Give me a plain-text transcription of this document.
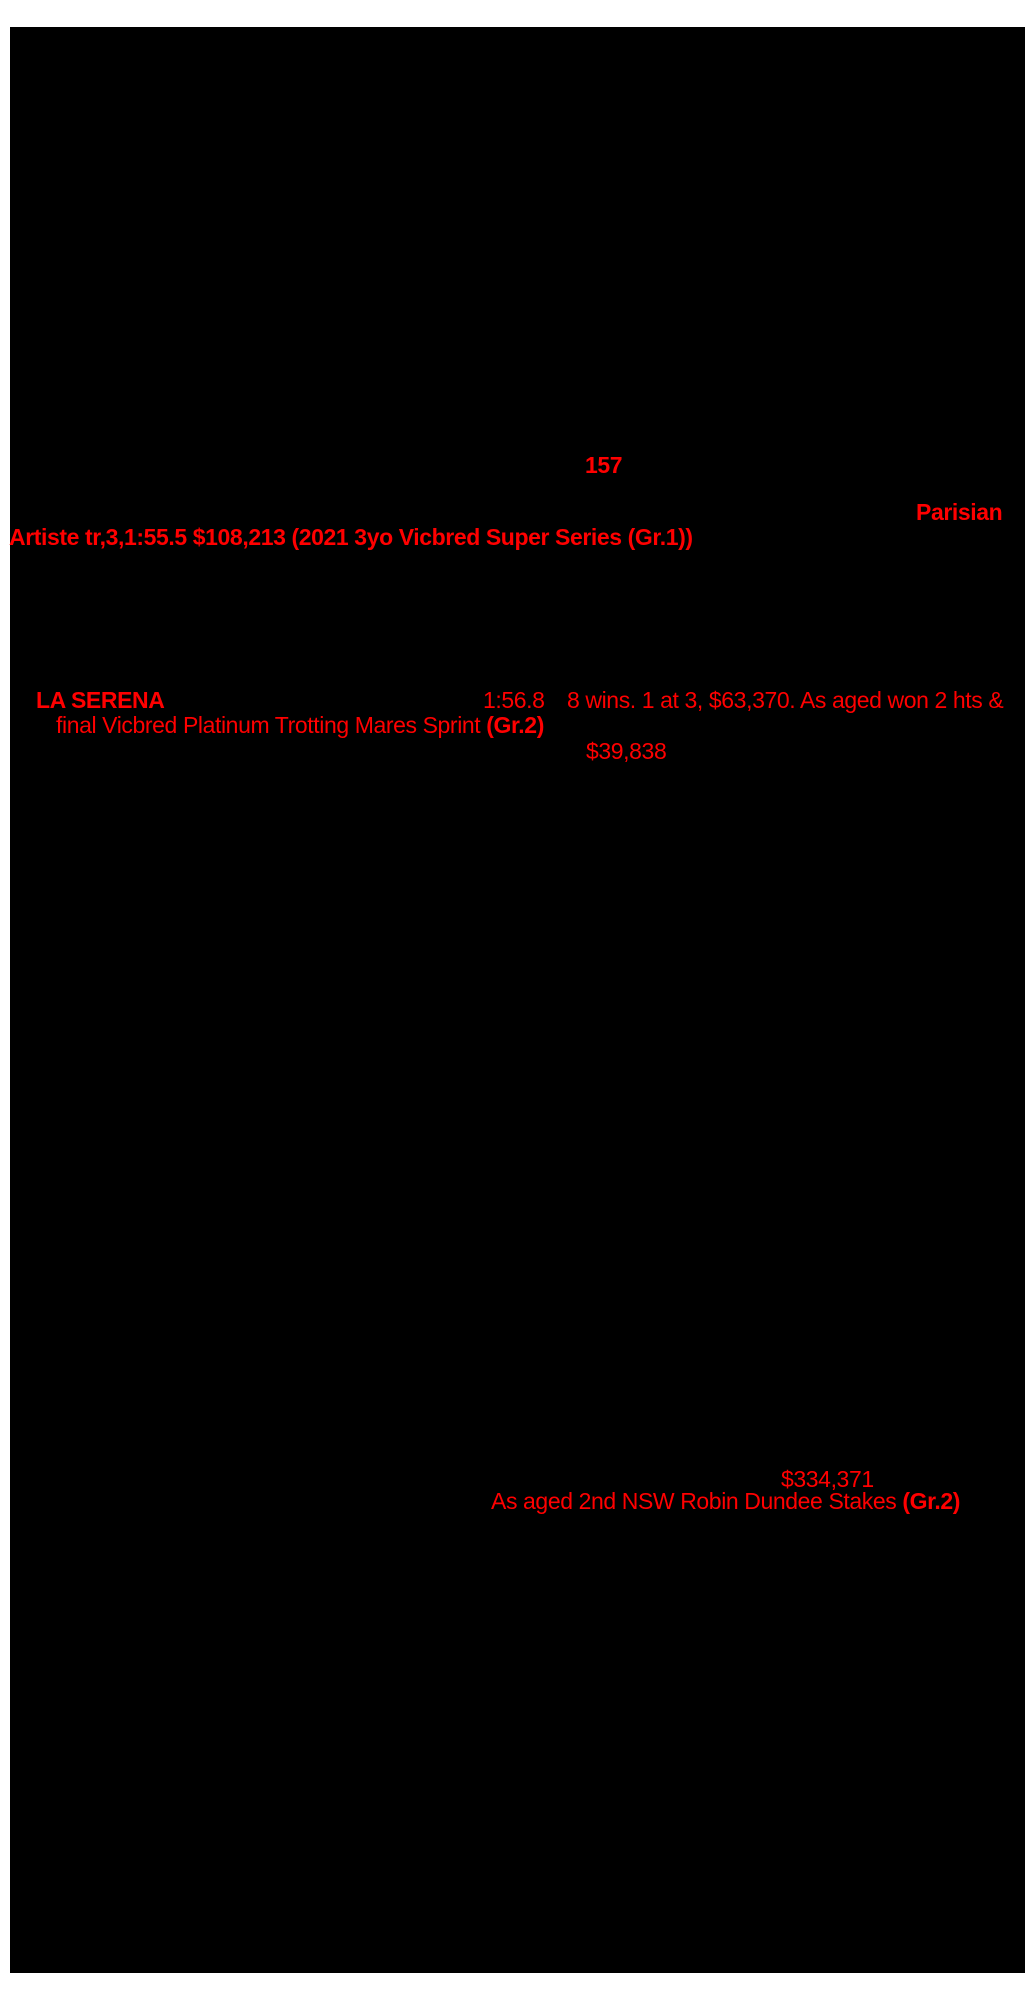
157
Parisian
Artiste tr,3,1:55.5 $108,213 (2021 3yo Vicbred Super Series (Gr.1))
LA SERENA	1:56.8 8 wins. 1 at 3, $63,370. As aged won 2 hts &
final Vicbred Platinum Trotting Mares Sprint (Gr.2)
$39,838
$334,371
As aged 2nd NSW Robin Dundee Stakes (Gr.2)
